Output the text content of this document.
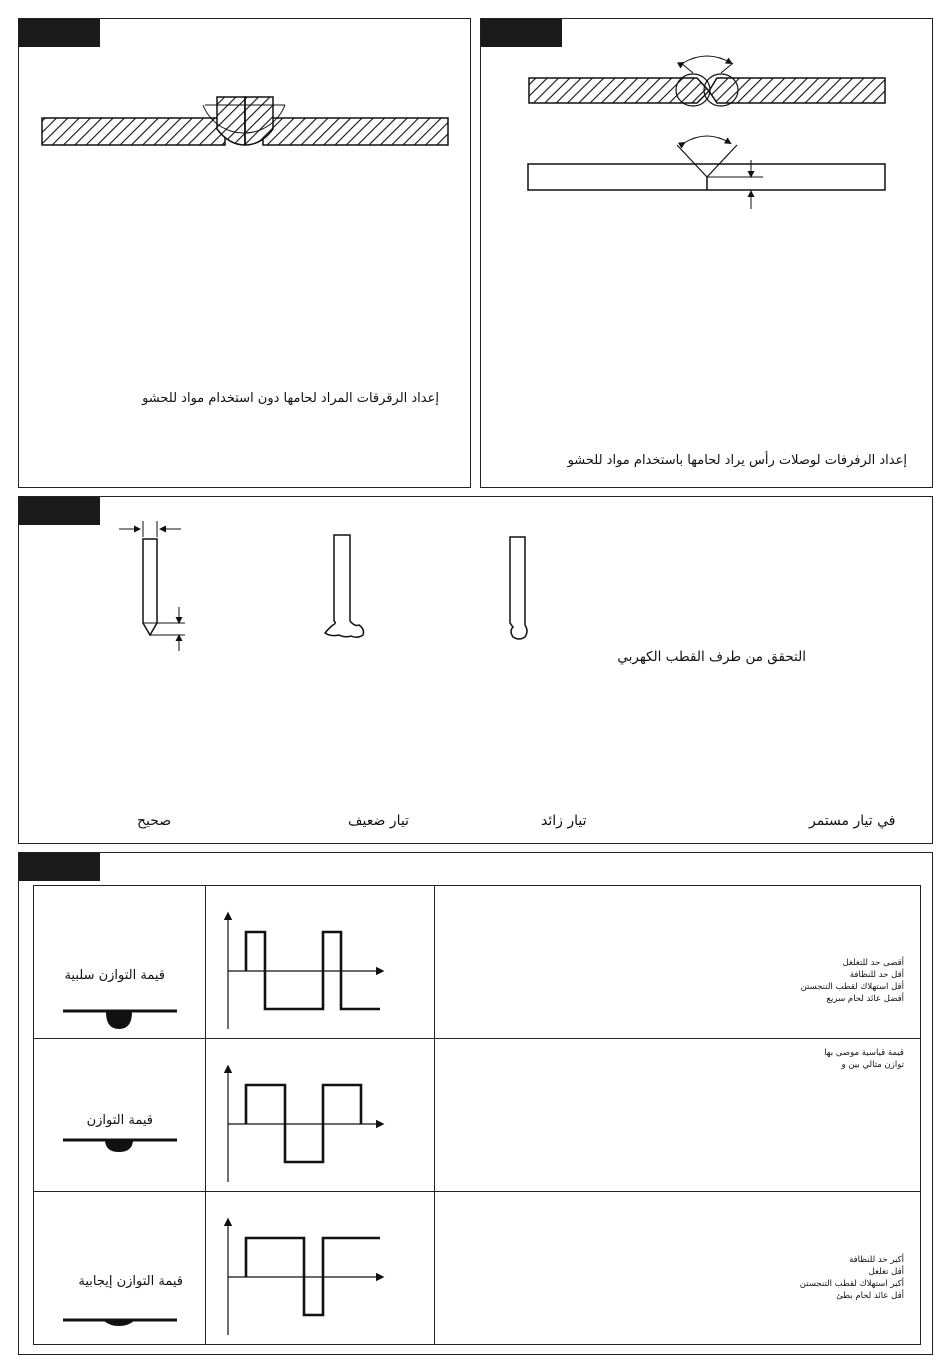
إعداد الرقرقات المراد لحامها دون استخدام مواد للحشو
إعداد الرفرفات لوصلات رأس يراد لحامها باستخدام مواد للحشو
التحقق من طرف القطب الكهربي
صحيح	تيار ضعيف	تيار زائد	في تيار مستمر
قيمة التوازن سلبية
أقصى حد للتغلغل
أقل حد للنظافة
أقل استهلاك لقطب التنجستن
أفضل عائد لحام سريع
قيمة التوازن
قيمة قياسية موصى بها
توازن مثالي بين و
قيمة التوازن إيجابية
أكبر حد للنظافة
أقل تغلغل
أكبر استهلاك لقطب التنجستن
أقل عائد لحام بطئ
